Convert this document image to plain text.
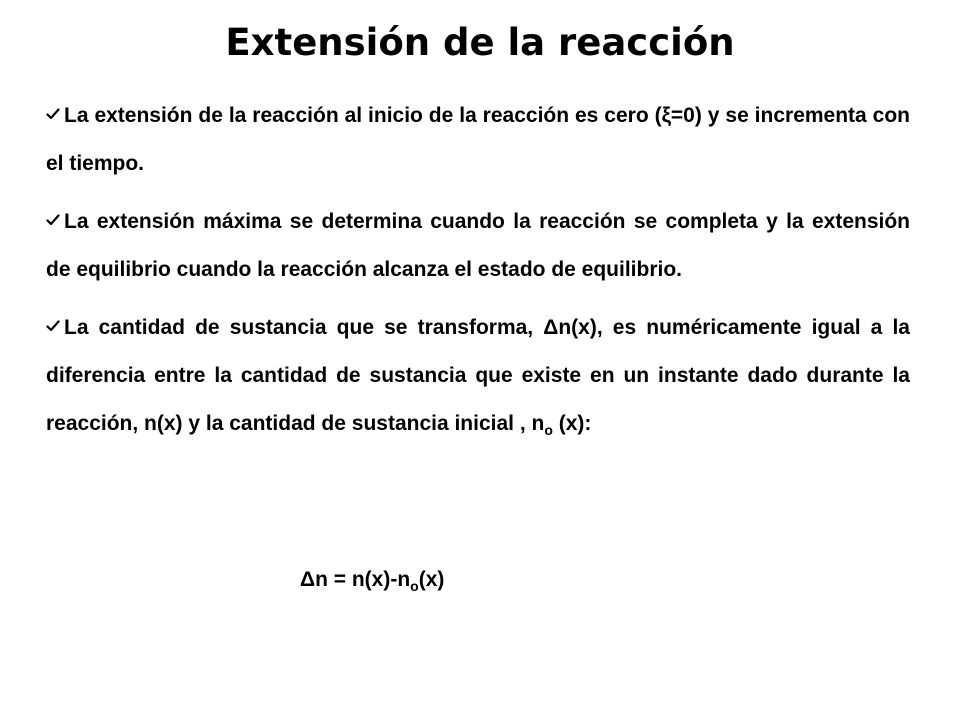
Extensión de la reacción

La extensión de la reacción al inicio de la reacción es cero (ξ=0) y se incrementa con el tiempo.

La extensión máxima se determina cuando la reacción se completa y la extensión de equilibrio cuando la reacción alcanza el estado de equilibrio.

La cantidad de sustancia que se transforma, Δn(x), es numéricamente igual a la diferencia entre la cantidad de sustancia que existe en un instante dado durante la reacción, n(x) y la cantidad de sustancia inicial , $n_o$ (x):

$\Delta n = n(x)-n_o(x)$
